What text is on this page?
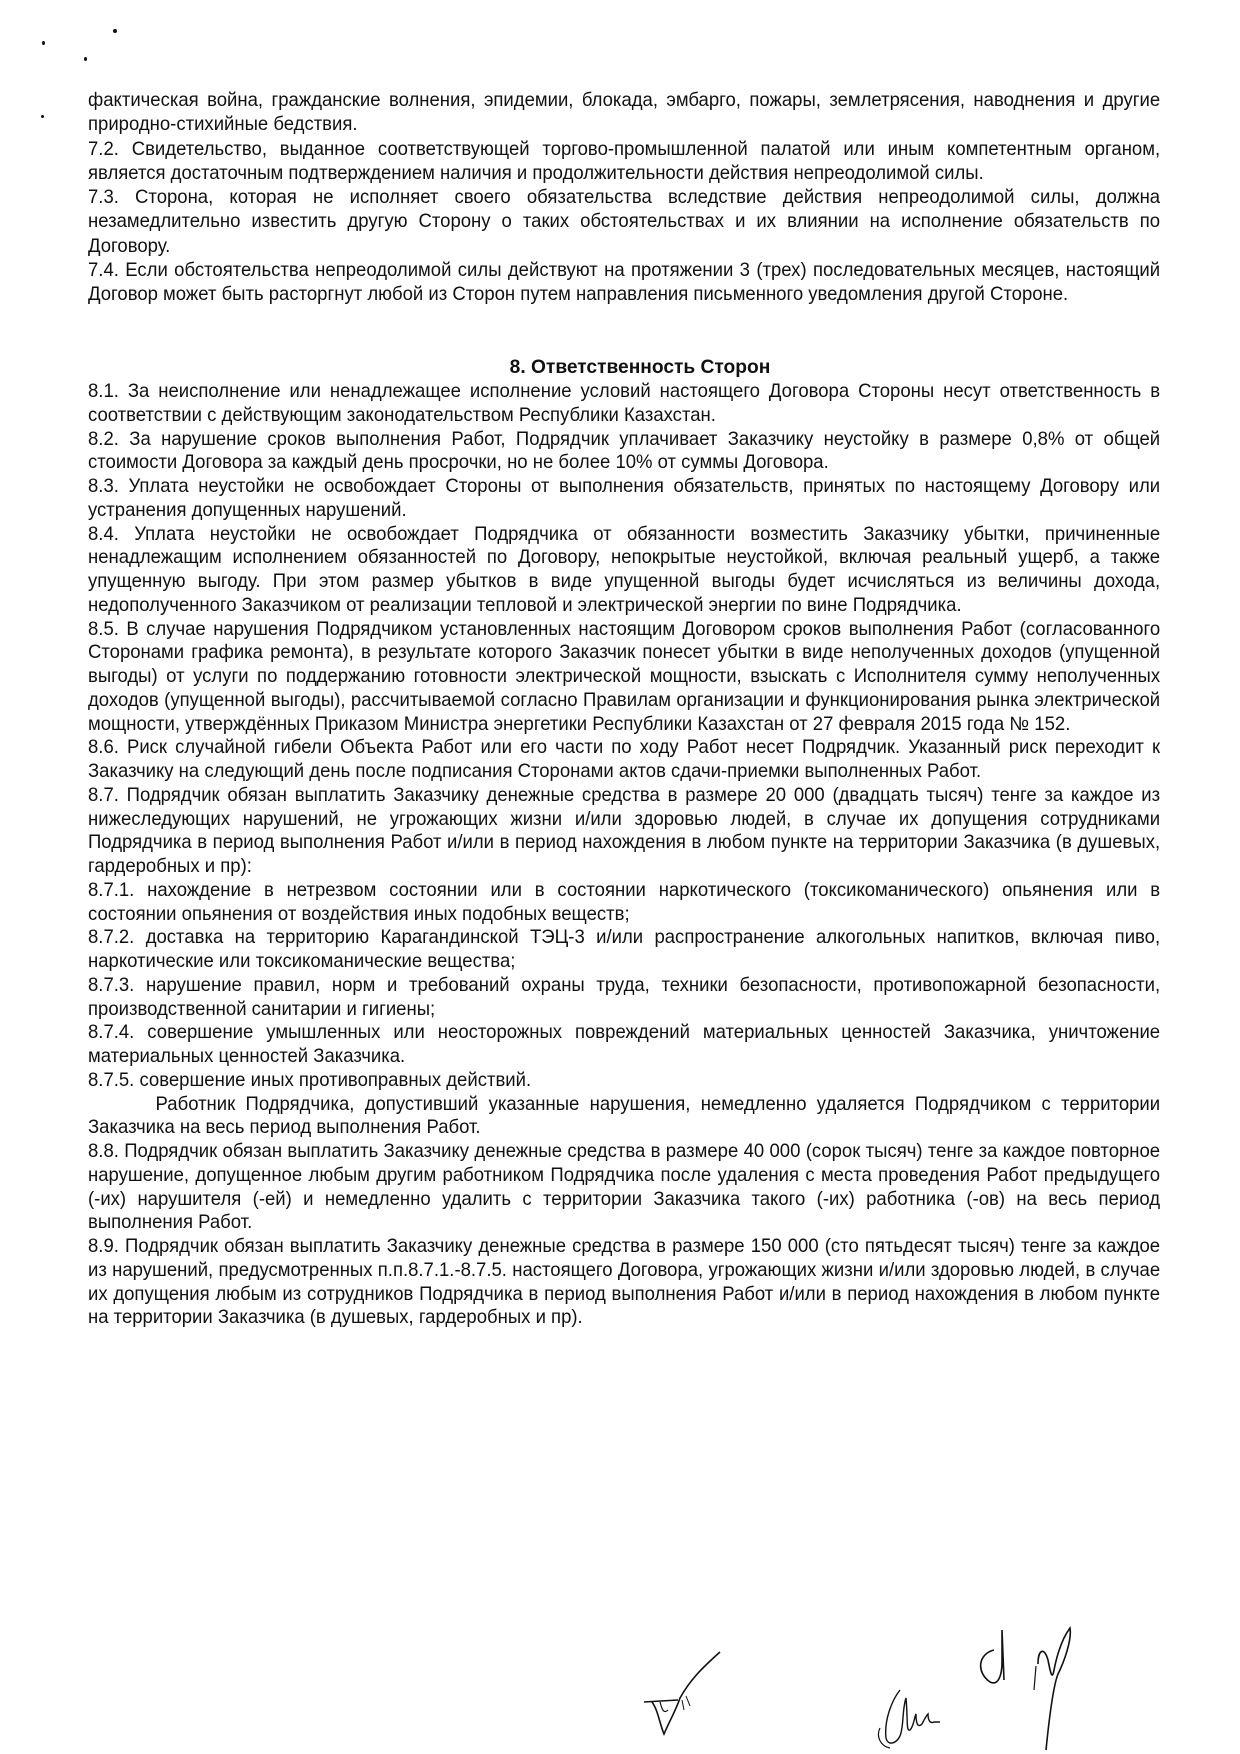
фактическая война, гражданские волнения, эпидемии, блокада, эмбарго, пожары, землетрясения, наводнения и другие природно-стихийные бедствия.

7.2. Свидетельство, выданное соответствующей торгово-промышленной палатой или иным компетентным органом, является достаточным подтверждением наличия и продолжительности действия непреодолимой силы.

7.3. Сторона, которая не исполняет своего обязательства вследствие действия непреодолимой силы, должна незамедлительно известить другую Сторону о таких обстоятельствах и их влиянии на исполнение обязательств по Договору.

7.4. Если обстоятельства непреодолимой силы действуют на протяжении 3 (трех) последовательных месяцев, настоящий Договор может быть расторгнут любой из Сторон путем направления письменного уведомления другой Стороне.

8. Ответственность Сторон

8.1. За неисполнение или ненадлежащее исполнение условий настоящего Договора Стороны несут ответственность в соответствии с действующим законодательством Республики Казахстан.

8.2. За нарушение сроков выполнения Работ, Подрядчик уплачивает Заказчику неустойку в размере 0,8% от общей стоимости Договора за каждый день просрочки, но не более 10% от суммы Договора.

8.3. Уплата неустойки не освобождает Стороны от выполнения обязательств, принятых по настоящему Договору или устранения допущенных нарушений.

8.4. Уплата неустойки не освобождает Подрядчика от обязанности возместить Заказчику убытки, причиненные ненадлежащим исполнением обязанностей по Договору, непокрытые неустойкой, включая реальный ущерб, а также упущенную выгоду. При этом размер убытков в виде упущенной выгоды будет исчисляться из величины дохода, недополученного Заказчиком от реализации тепловой и электрической энергии по вине Подрядчика.

8.5. В случае нарушения Подрядчиком установленных настоящим Договором сроков выполнения Работ (согласованного Сторонами графика ремонта), в результате которого Заказчик понесет убытки в виде неполученных доходов (упущенной выгоды) от услуги по поддержанию готовности электрической мощности, взыскать с Исполнителя сумму неполученных доходов (упущенной выгоды), рассчитываемой согласно Правилам организации и функционирования рынка электрической мощности, утверждённых Приказом Министра энергетики Республики Казахстан от 27 февраля 2015 года № 152.

8.6. Риск случайной гибели Объекта Работ или его части по ходу Работ несет Подрядчик. Указанный риск переходит к Заказчику на следующий день после подписания Сторонами актов сдачи-приемки выполненных Работ.

8.7. Подрядчик обязан выплатить Заказчику денежные средства в размере 20 000 (двадцать тысяч) тенге за каждое из нижеследующих нарушений, не угрожающих жизни и/или здоровью людей, в случае их допущения сотрудниками Подрядчика в период выполнения Работ и/или в период нахождения в любом пункте на территории Заказчика (в душевых, гардеробных и пр):

8.7.1. нахождение в нетрезвом состоянии или в состоянии наркотического (токсикоманического) опьянения или в состоянии опьянения от воздействия иных подобных веществ;

8.7.2. доставка на территорию Карагандинской ТЭЦ-3 и/или распространение алкогольных напитков, включая пиво, наркотические или токсикоманические вещества;

8.7.3. нарушение правил, норм и требований охраны труда, техники безопасности, противопожарной безопасности, производственной санитарии и гигиены;

8.7.4. совершение умышленных или неосторожных повреждений материальных ценностей Заказчика, уничтожение материальных ценностей Заказчика.

8.7.5. совершение иных противоправных действий.

Работник Подрядчика, допустивший указанные нарушения, немедленно удаляется Подрядчиком с территории Заказчика на весь период выполнения Работ.

8.8. Подрядчик обязан выплатить Заказчику денежные средства в размере 40 000 (сорок тысяч) тенге за каждое повторное нарушение, допущенное любым другим работником Подрядчика после удаления с места проведения Работ предыдущего (-их) нарушителя (-ей) и немедленно удалить с территории Заказчика такого (-их) работника (-ов) на весь период выполнения Работ.

8.9. Подрядчик обязан выплатить Заказчику денежные средства в размере 150 000 (сто пятьдесят тысяч) тенге за каждое из нарушений, предусмотренных п.п.8.7.1.-8.7.5. настоящего Договора, угрожающих жизни и/или здоровью людей, в случае их допущения любым из сотрудников Подрядчика в период выполнения Работ и/или в период нахождения в любом пункте на территории Заказчика (в душевых, гардеробных и пр).
